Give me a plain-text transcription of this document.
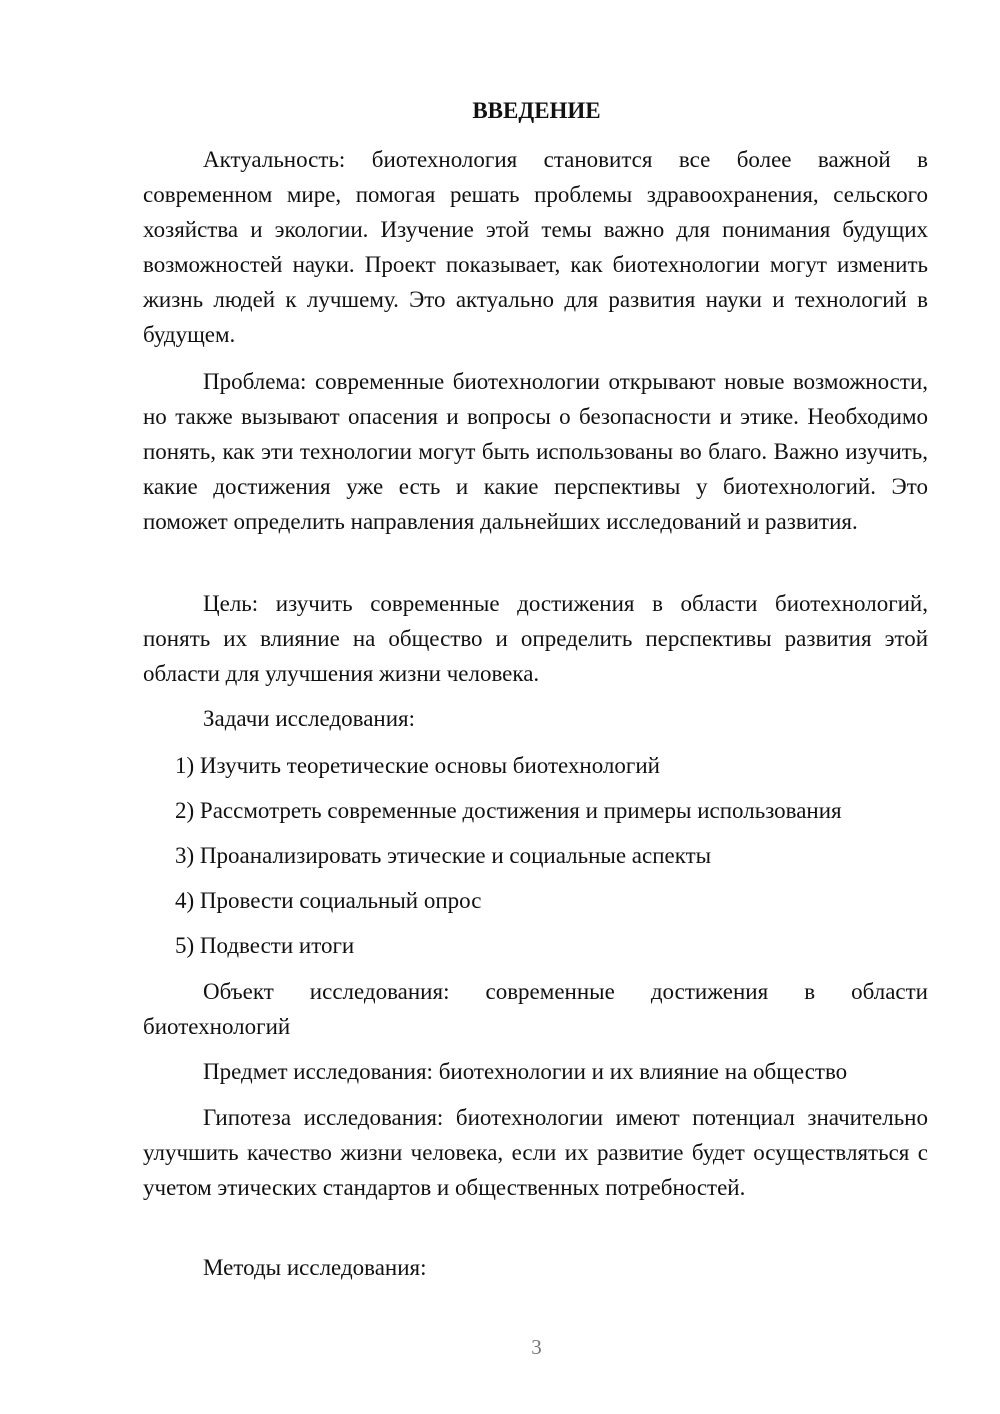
ВВЕДЕНИЕ

Актуальность: биотехнология становится все более важной в современном мире, помогая решать проблемы здравоохранения, сельского хозяйства и экологии. Изучение этой темы важно для понимания будущих возможностей науки. Проект показывает, как биотехнологии могут изменить жизнь людей к лучшему. Это актуально для развития науки и технологий в будущем.

Проблема: современные биотехнологии открывают новые возможности, но также вызывают опасения и вопросы о безопасности и этике. Необходимо понять, как эти технологии могут быть использованы во благо. Важно изучить, какие достижения уже есть и какие перспективы у биотехнологий. Это поможет определить направления дальнейших исследований и развития.

Цель: изучить современные достижения в области биотехнологий, понять их влияние на общество и определить перспективы развития этой области для улучшения жизни человека.

Задачи исследования:

1) Изучить теоретические основы биотехнологий
2) Рассмотреть современные достижения и примеры использования
3) Проанализировать этические и социальные аспекты
4) Провести социальный опрос
5) Подвести итоги

Объект исследования: современные достижения в области биотехнологий

Предмет исследования: биотехнологии и их влияние на общество

Гипотеза исследования: биотехнологии имеют потенциал значительно улучшить качество жизни человека, если их развитие будет осуществляться с учетом этических стандартов и общественных потребностей.

Методы исследования:

3
